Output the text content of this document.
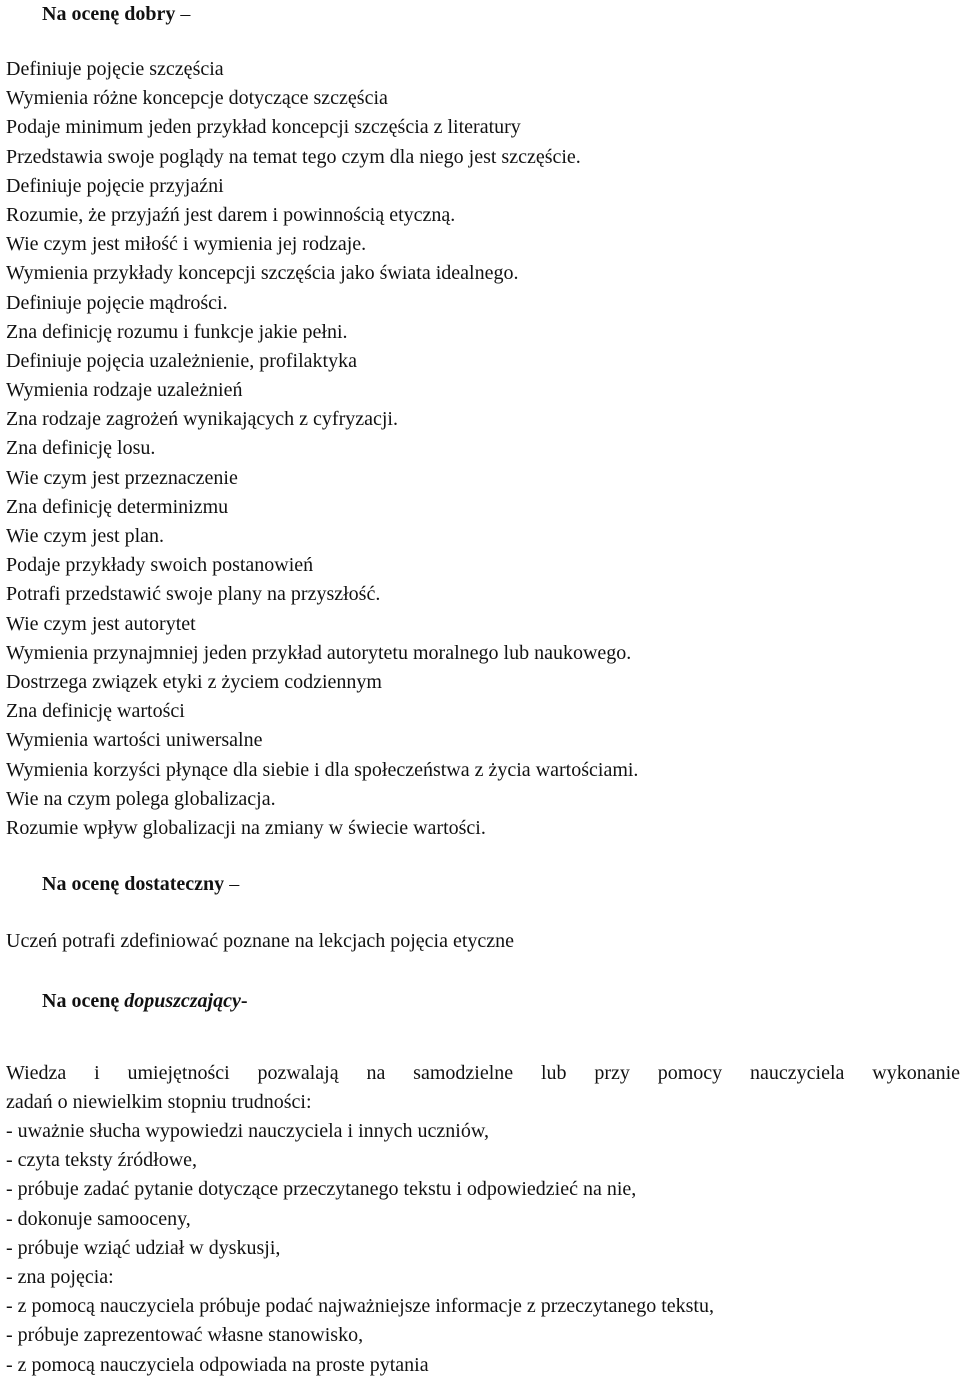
Na ocenę dobry –
Definiuje pojęcie szczęścia
Wymienia różne koncepcje dotyczące szczęścia
Podaje minimum jeden przykład koncepcji szczęścia z literatury
Przedstawia swoje poglądy na temat tego czym dla niego jest szczęście.
Definiuje pojęcie przyjaźni
Rozumie, że przyjaźń jest darem i powinnością etyczną.
Wie czym jest miłość i wymienia jej rodzaje.
Wymienia przykłady koncepcji szczęścia jako świata idealnego.
Definiuje pojęcie mądrości.
Zna definicję rozumu i funkcje jakie pełni.
Definiuje pojęcia uzależnienie, profilaktyka
Wymienia rodzaje uzależnień
Zna rodzaje zagrożeń wynikających z cyfryzacji.
Zna definicję losu.
Wie czym jest przeznaczenie
Zna definicję determinizmu
Wie czym jest plan.
Podaje przykłady swoich postanowień
Potrafi przedstawić swoje plany na przyszłość.
Wie czym jest autorytet
Wymienia przynajmniej jeden przykład autorytetu moralnego lub naukowego.
Dostrzega związek etyki z życiem codziennym
Zna definicję wartości
Wymienia wartości uniwersalne
Wymienia korzyści płynące dla siebie i dla społeczeństwa z życia wartościami.
Wie na czym polega globalizacja.
Rozumie wpływ globalizacji na zmiany w świecie wartości.
Na ocenę dostateczny –
Uczeń potrafi zdefiniować poznane na lekcjach pojęcia etyczne
Na ocenę dopuszczający-
Wiedza i umiejętności pozwalają na samodzielne lub przy pomocy nauczyciela wykonanie
zadań o niewielkim stopniu trudności:
- uważnie słucha wypowiedzi nauczyciela i innych uczniów,
- czyta teksty źródłowe,
- próbuje zadać pytanie dotyczące przeczytanego tekstu i odpowiedzieć na nie,
- dokonuje samooceny,
- próbuje wziąć udział w dyskusji,
- zna pojęcia:
- z pomocą nauczyciela próbuje podać najważniejsze informacje z przeczytanego tekstu,
- próbuje zaprezentować własne stanowisko,
- z pomocą nauczyciela odpowiada na proste pytania
